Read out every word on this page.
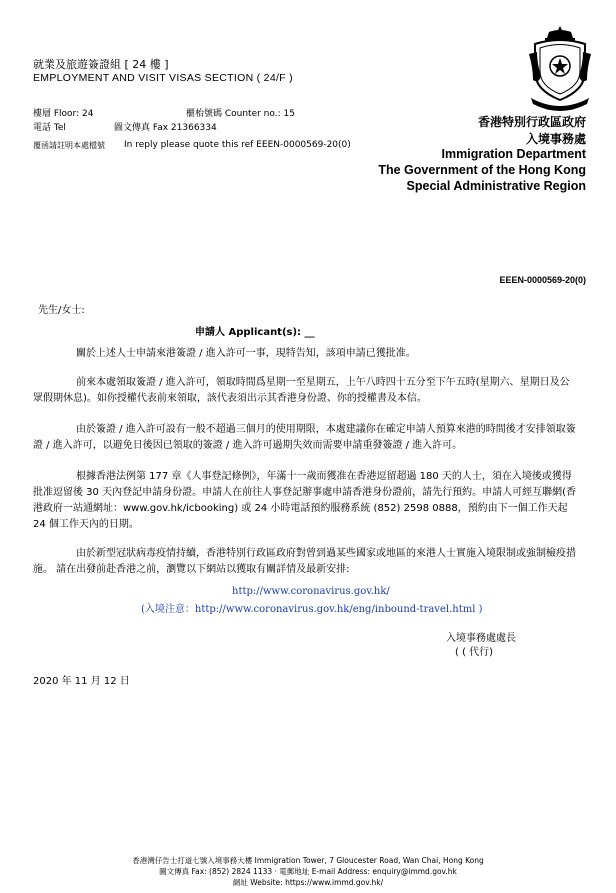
就業及旅遊簽證組 [ 24 樓 ]
EMPLOYMENT AND VISIT VISAS SECTION ( 24/F )
樓層 Floor: 24	櫃枱號碼 Counter no.: 15
電話 Tel	圖文傳真 Fax 21366334
覆函請註明本處檔號 In reply please quote this ref EEEN-0000569-20(0)
香港特別行政區政府
入境事務處
Immigration Department
The Government of the Hong Kong
Special Administrative Region
EEEN-0000569-20(0)
先生/女士:
申請人 Applicant(s): __
關於上述人士申請來港簽證 / 進入許可一事，現特告知，該項申請已獲批准。
前來本處領取簽證 / 進入許可，領取時間爲星期一至星期五，上午八時四十五分至下午五時(星期六、星期日及公眾假期休息)。如你授權代表前來領取，該代表須出示其香港身份證、你的授權書及本信。
由於簽證 / 進入許可設有一般不超過三個月的使用期限，本處建議你在確定申請人預算來港的時間後才安排領取簽證 / 進入許可，以避免日後因已領取的簽證 / 進入許可過期失效而需要申請重發簽證 / 進入許可。
根據香港法例第 177 章《人事登記條例》，年滿十一歲而獲准在香港逗留超過 180 天的人士，須在入境後或獲得批准逗留後 30 天內登記申請身份證。申請人在前往人事登記辦事處申請香港身份證前，請先行預約。申請人可經互聯網(香港政府一站通網址：www.gov.hk/icbooking) 或 24 小時電話預約服務系統 (852) 2598 0888，預約由下一個工作天起 24 個工作天內的日期。
由於新型冠狀病毒疫情持續，香港特別行政區政府對曾到過某些國家或地區的來港人士實施入境限制或強制檢疫措施。 請在出發前赴香港之前，瀏覽以下網站以獲取有關詳情及最新安排:
http://www.coronavirus.gov.hk/
(入境注意：http://www.coronavirus.gov.hk/eng/inbound-travel.html )
入境事務處處長
( ( 代行)
2020 年 11 月 12 日
香港灣仔告士打道七號入境事務大樓 Immigration Tower, 7 Gloucester Road, Wan Chai, Hong Kong
圖文傳真 Fax: (852) 2824 1133 ‧ 電郵地址 E-mail Address: enquiry@immd.gov.hk
網址 Website: https://www.immd.gov.hk/
